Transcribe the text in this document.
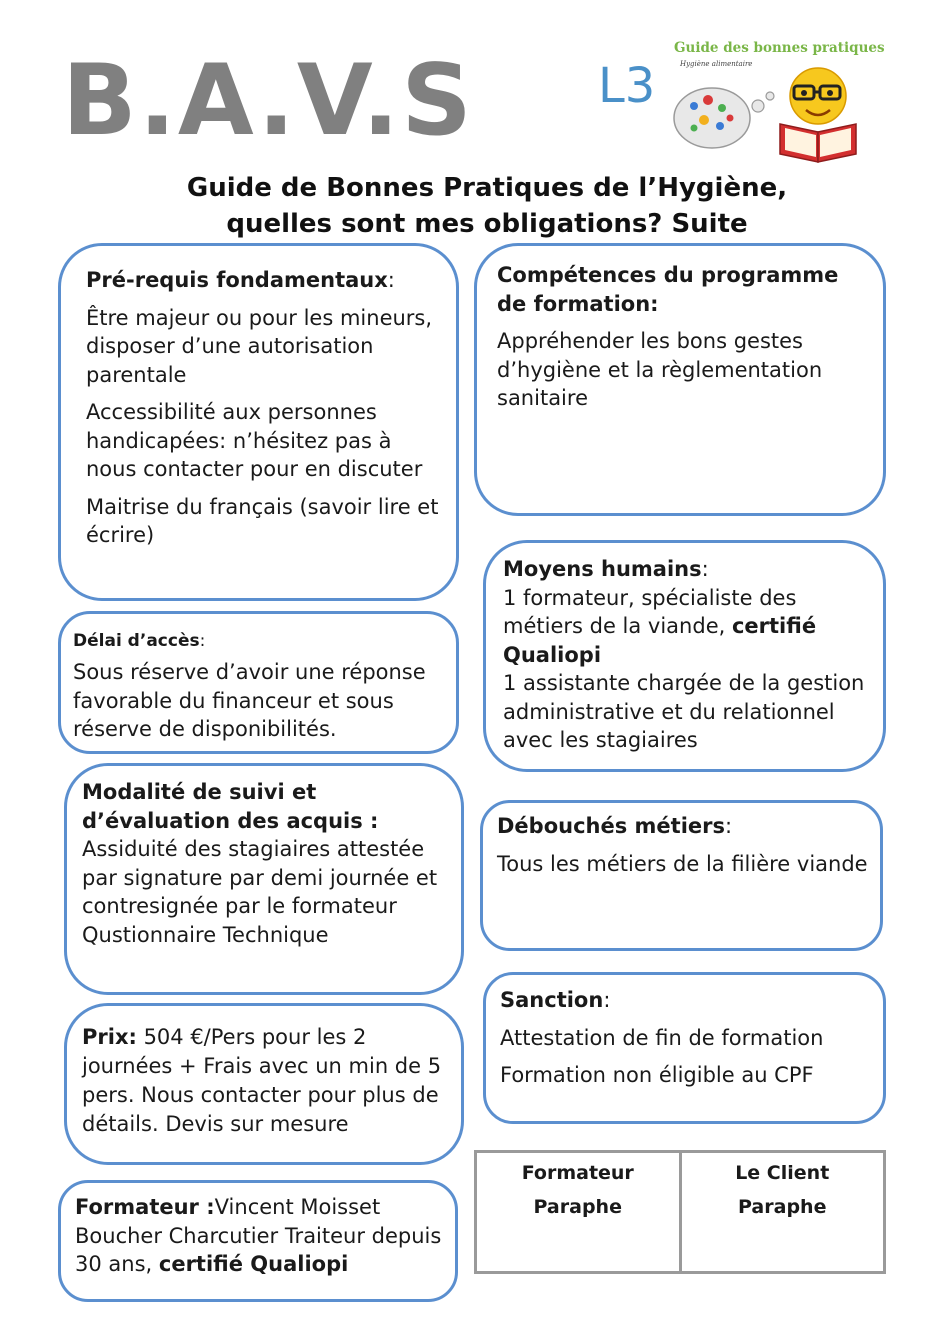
B.A.V.S	L3
Guide des bonnes pratiques
Hygiène alimentaire
Guide de Bonnes Pratiques de l’Hygiène,
quelles sont mes obligations? Suite
Pré-requis fondamentaux:
Être majeur ou pour les mineurs, disposer d’une autorisation parentale
Accessibilité aux personnes handicapées: n’hésitez pas à nous contacter pour en discuter
Maitrise du français (savoir lire et écrire)
Délai d’accès:
Sous réserve d’avoir une réponse favorable du financeur et sous réserve de disponibilités.
Modalité de suivi et d’évaluation des acquis :
Assiduité des stagiaires attestée par signature par demi journée et contresignée par le formateur
Qustionnaire Technique
Prix: 504 €/Pers pour les 2 journées + Frais avec un min de 5 pers. Nous contacter pour plus de détails. Devis sur mesure
Formateur :Vincent Moisset Boucher Charcutier Traiteur depuis 30 ans, certifié Qualiopi
Compétences du programme de formation:
Appréhender les bons gestes d’hygiène et la règlementation sanitaire
Moyens humains:
1 formateur, spécialiste des métiers de la viande, certifié Qualiopi
1 assistante chargée de la gestion administrative et du relationnel avec les stagiaires
Débouchés métiers:
Tous les métiers de la filière viande
Sanction:
Attestation de fin de formation
Formation non éligible au CPF
Formateur
Paraphe
Le Client
Paraphe
